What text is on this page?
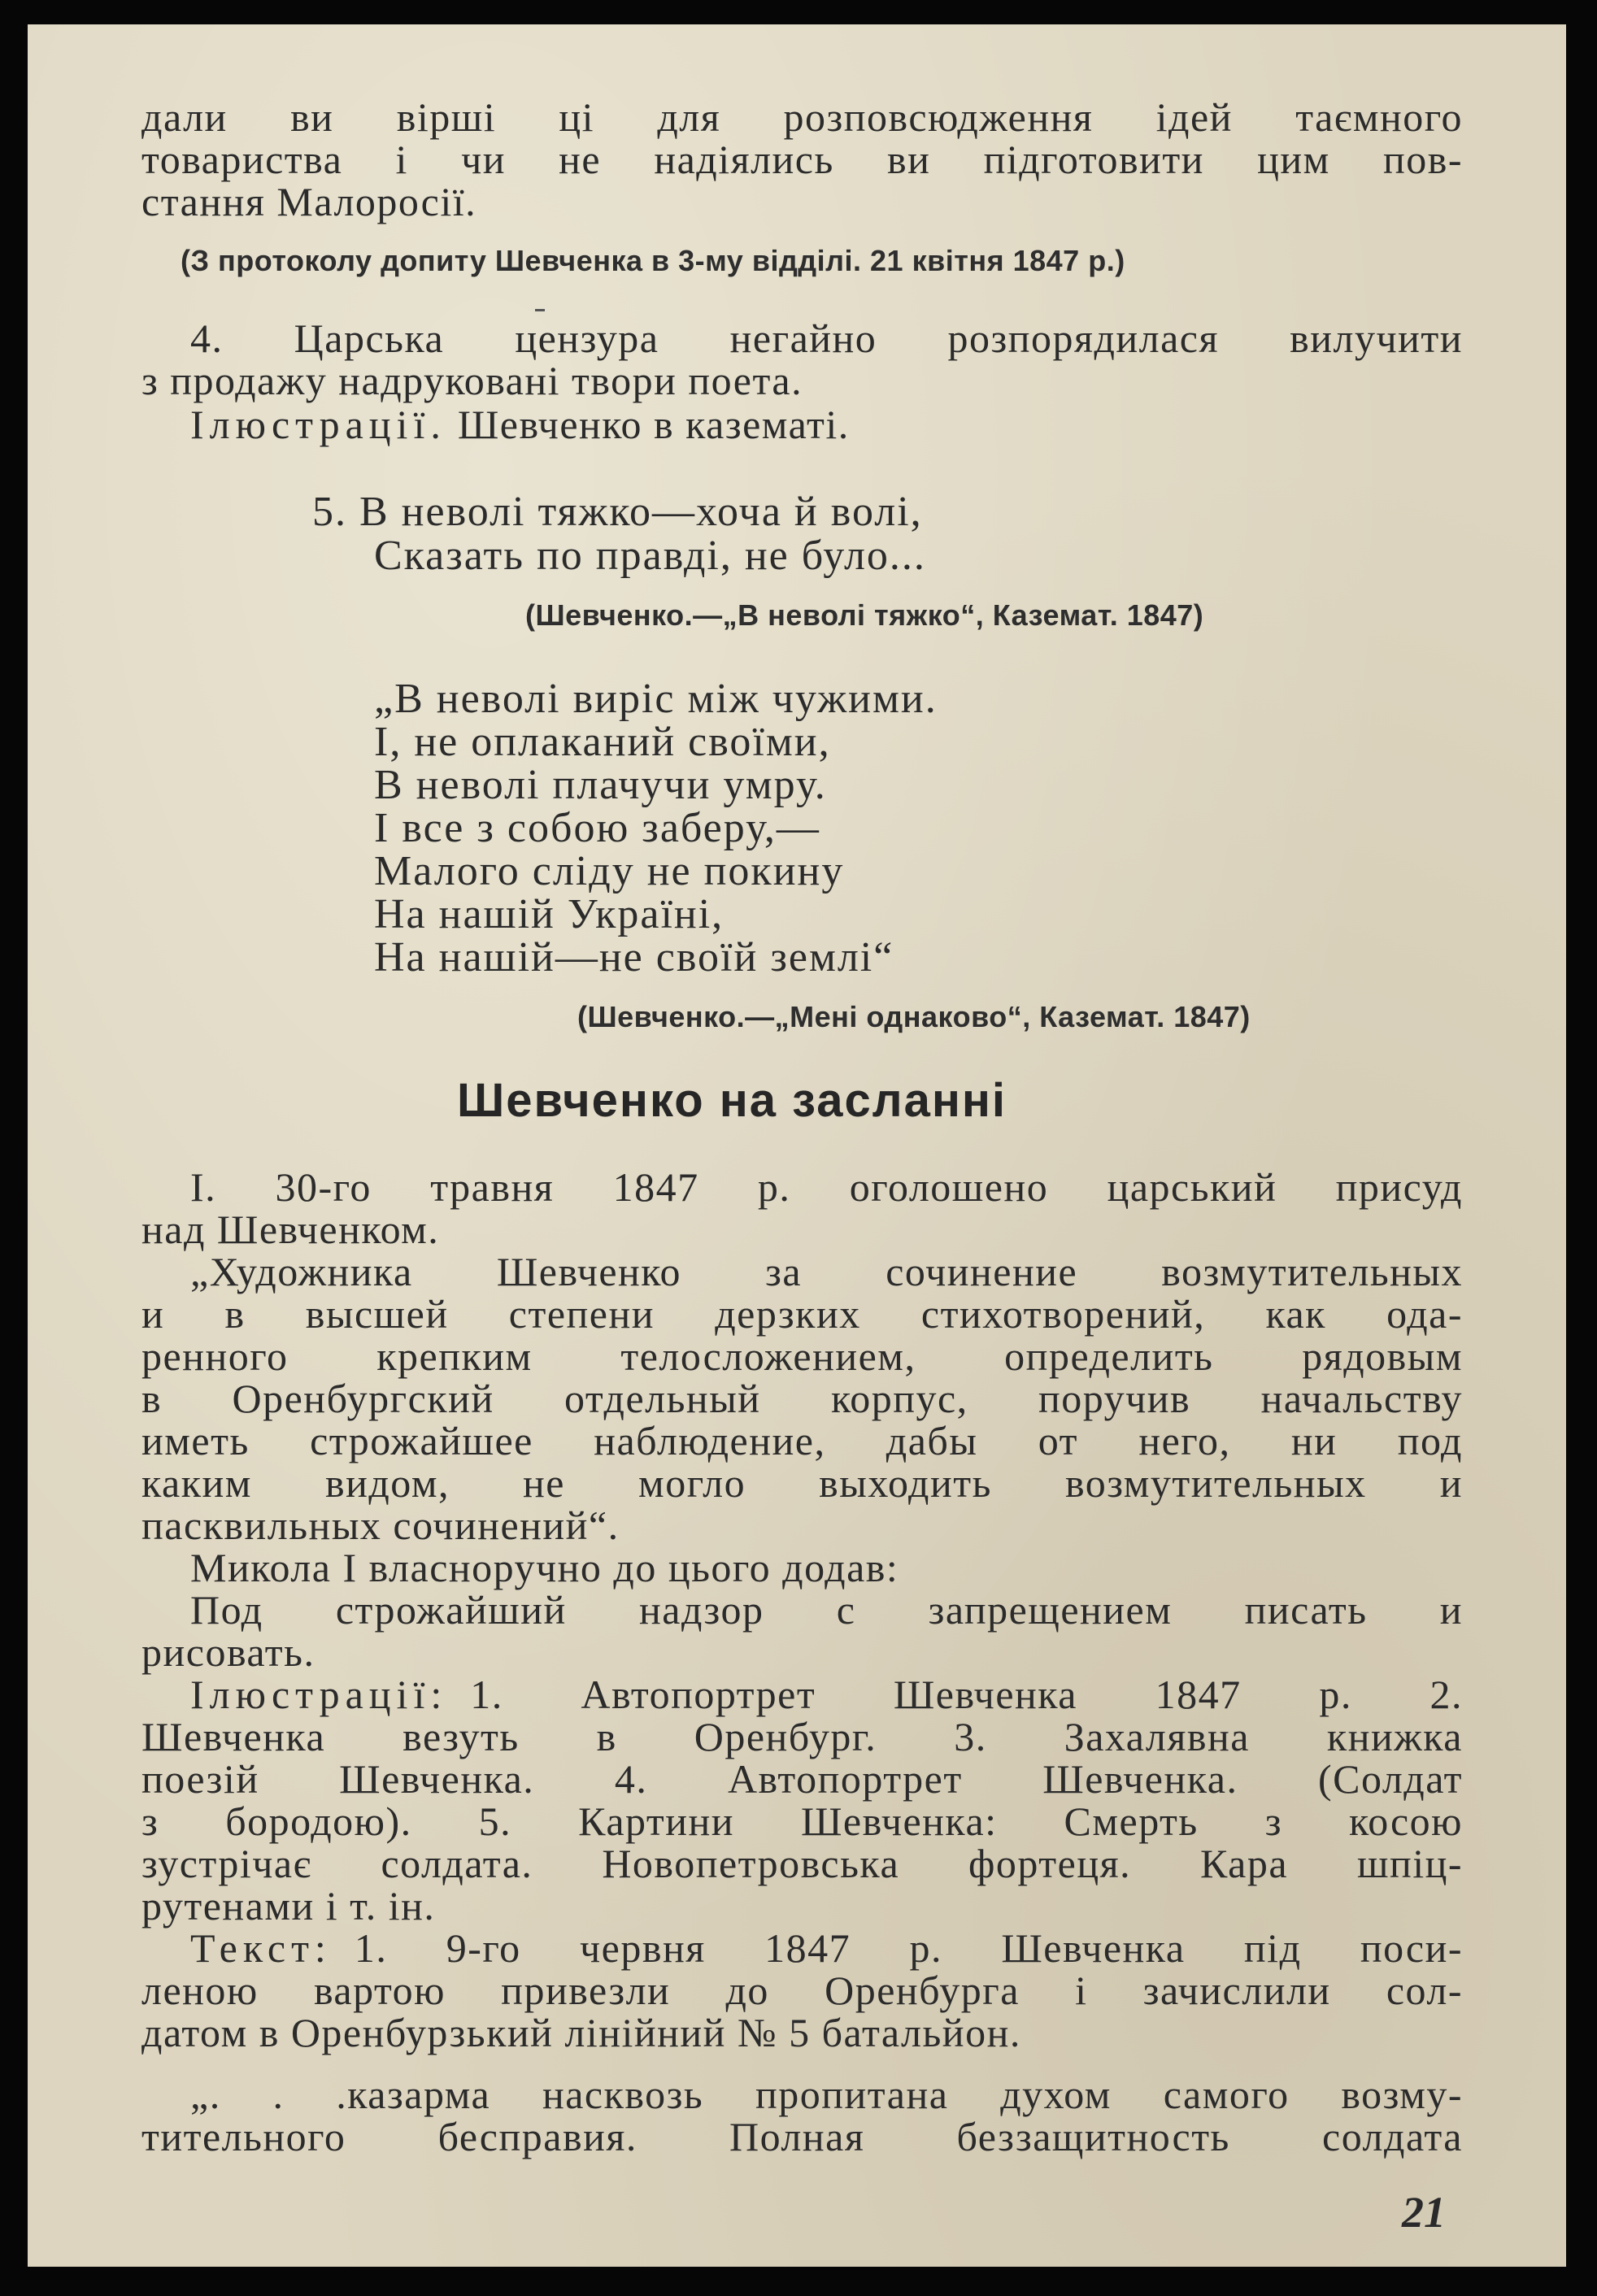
дали ви вірші ці для розповсюдження ідей таємного

товариства і чи не надіялись ви підготовити цим пов-

стання Малоросії.

(З протоколу допиту Шевченка в 3-му відділі. 21 квітня 1847 р.)

4. Царська цензура негайно розпорядилася вилучити

з продажу надруковані твори поета.

Ілюстрації. Шевченко в казематі.

5. В неволі тяжко—хоча й волі,

Сказать по правді, не було...

(Шевченко.—„В неволі тяжко“, Каземат. 1847)

„В неволі виріс між чужими.

І, не оплаканий своїми,

В неволі плачучи умру.

І все з собою заберу,—

Малого сліду не покину

На нашій Україні,

На нашій—не своїй землі“

(Шевченко.—„Мені однаково“, Каземат. 1847)

Шевченко на засланні

І. 30-го травня 1847 р. оголошено царський присуд

над Шевченком.

„Художника Шевченко за сочинение возмутительных

и в высшей степени дерзких стихотворений, как ода-

ренного крепким телосложением, определить рядовым

в Оренбургский отдельный корпус, поручив начальству

иметь строжайшее наблюдение, дабы от него, ни под

каким видом, не могло выходить возмутительных и

пасквильных сочинений“.

Микола І власноручно до цього додав:

Под строжайший надзор с запрещением писать и

рисовать.

Ілюстрації: 1. Автопортрет Шевченка 1847 р. 2.

Шевченка везуть в Оренбург. 3. Захалявна книжка

поезій Шевченка. 4. Автопортрет Шевченка. (Солдат

з бородою). 5. Картини Шевченка: Смерть з косою

зустрічає солдата. Новопетровська фортеця. Кара шпіц-

рутенами і т. ін.

Текст: 1. 9-го червня 1847 р. Шевченка під поси-

леною вартою привезли до Оренбурга і зачислили сол-

датом в Оренбурзький лінійний № 5 батальйон.

„. . .казарма насквозь пропитана духом самого возму-

тительного бесправия. Полная беззащитность солдата

21
